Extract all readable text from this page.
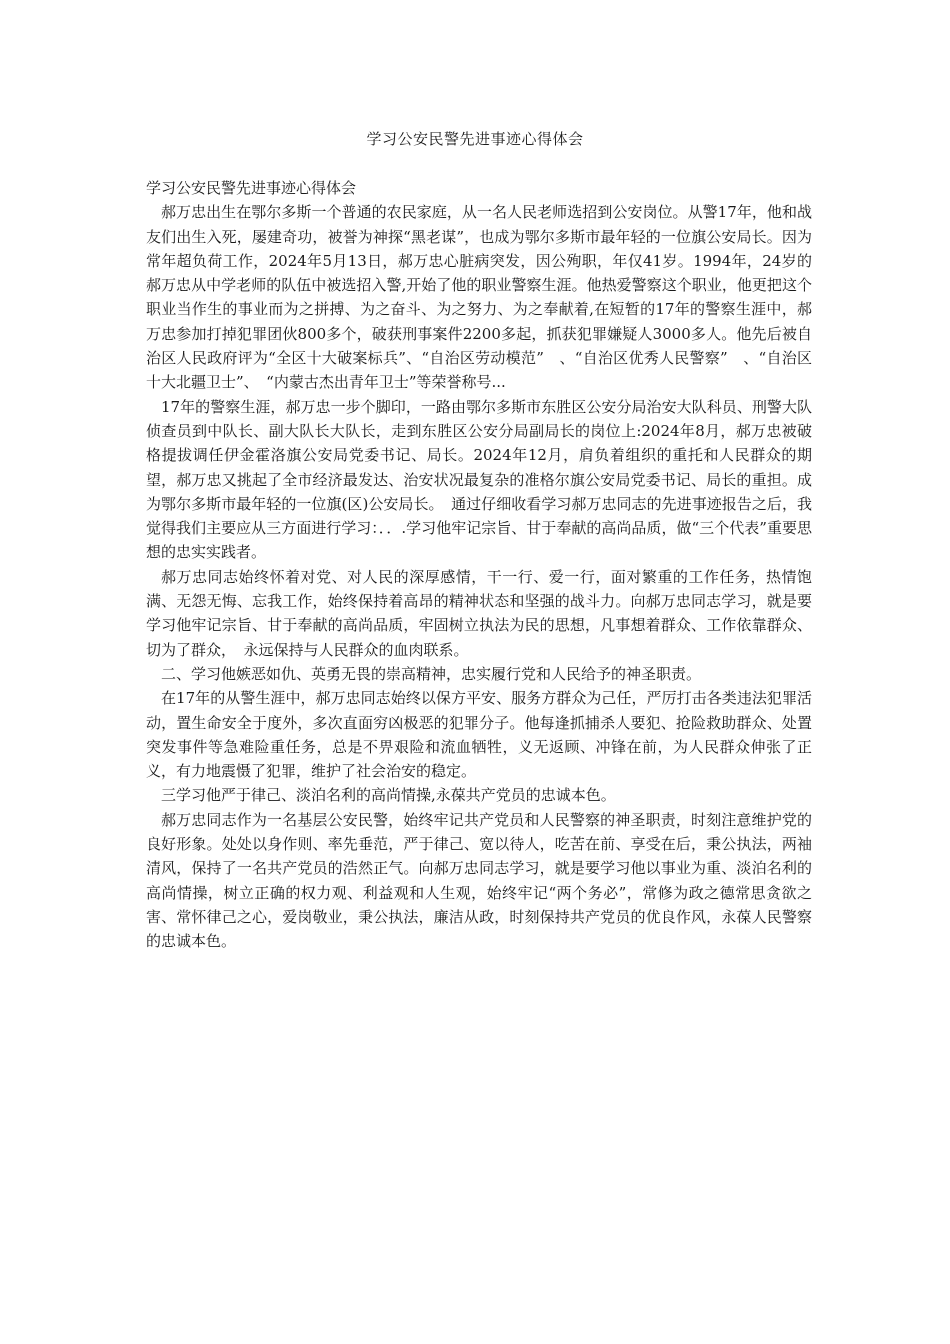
学习公安民警先进事迹心得体会

学习公安民警先进事迹心得体会

郝万忠出生在鄂尔多斯一个普通的农民家庭，从一名人民老师选招到公安岗位。从警17年，他和战友们出生入死，屡建奇功，被誉为神探“黑老谋”，也成为鄂尔多斯市最年轻的一位旗公安局长。因为常年超负荷工作，2024年5月13日，郝万忠心脏病突发，因公殉职，年仅41岁。1994年，24岁的郝万忠从中学老师的队伍中被选招入警,开始了他的职业警察生涯。他热爱警察这个职业，他更把这个职业当作生的事业而为之拼搏、为之奋斗、为之努力、为之奉献着,在短暂的17年的警察生涯中，郝万忠参加打掉犯罪团伙800多个，破获刑事案件2200多起，抓获犯罪嫌疑人3000多人。他先后被自治区人民政府评为“全区十大破案标兵”、“自治区劳动模范”　、“自治区优秀人民警察”　、“自治区十大北疆卫士”、　“内蒙古杰出青年卫士”等荣誉称号...

17年的警察生涯，郝万忠一步个脚印，一路由鄂尔多斯市东胜区公安分局治安大队科员、刑警大队侦查员到中队长、副大队长大队长，走到东胜区公安分局副局长的岗位上:2024年8月，郝万忠被破格提拔调任伊金霍洛旗公安局党委书记、局长。2024年12月，肩负着组织的重托和人民群众的期望，郝万忠又挑起了全市经济最发达、治安状况最复杂的准格尔旗公安局党委书记、局长的重担。成为鄂尔多斯市最年轻的一位旗(区)公安局长。　通过仔细收看学习郝万忠同志的先进事迹报告之后，我觉得我们主要应从三方面进行学习：．．.学习他牢记宗旨、甘于奉献的高尚品质，做“三个代表”重要思想的忠实实践者。

郝万忠同志始终怀着对党、对人民的深厚感情，干一行、爱一行，面对繁重的工作任务，热情饱满、无怨无悔、忘我工作，始终保持着高昂的精神状态和坚强的战斗力。向郝万忠同志学习，就是要学习他牢记宗旨、甘于奉献的高尚品质，牢固树立执法为民的思想，凡事想着群众、工作依靠群众、切为了群众，　永远保持与人民群众的血肉联系。

二、学习他嫉恶如仇、英勇无畏的崇高精神，忠实履行党和人民给予的神圣职责。

在17年的从警生涯中，郝万忠同志始终以保方平安、服务方群众为己任，严厉打击各类违法犯罪活动，置生命安全于度外，多次直面穷凶极恶的犯罪分子。他每逢抓捕杀人要犯、抢险救助群众、处置突发事件等急难险重任务，总是不畀艰险和流血牺牲，义无返顾、冲锋在前，为人民群众伸张了正义，有力地震慑了犯罪，维护了社会治安的稳定。

三学习他严于律己、淡泊名利的高尚情操,永葆共产党员的忠诚本色。

郝万忠同志作为一名基层公安民警，始终牢记共产党员和人民警察的神圣职责，时刻注意维护党的良好形象。处处以身作则、率先垂范，严于律己、宽以待人，吃苦在前、享受在后，秉公执法，两袖清风，保持了一名共产党员的浩然正气。向郝万忠同志学习，就是要学习他以事业为重、淡泊名利的高尚情操，树立正确的权力观、利益观和人生观，始终牢记“两个务必”，常修为政之德常思贪欲之害、常怀律己之心，爱岗敬业，秉公执法，廉洁从政，时刻保持共产党员的优良作风，永葆人民警察的忠诚本色。
